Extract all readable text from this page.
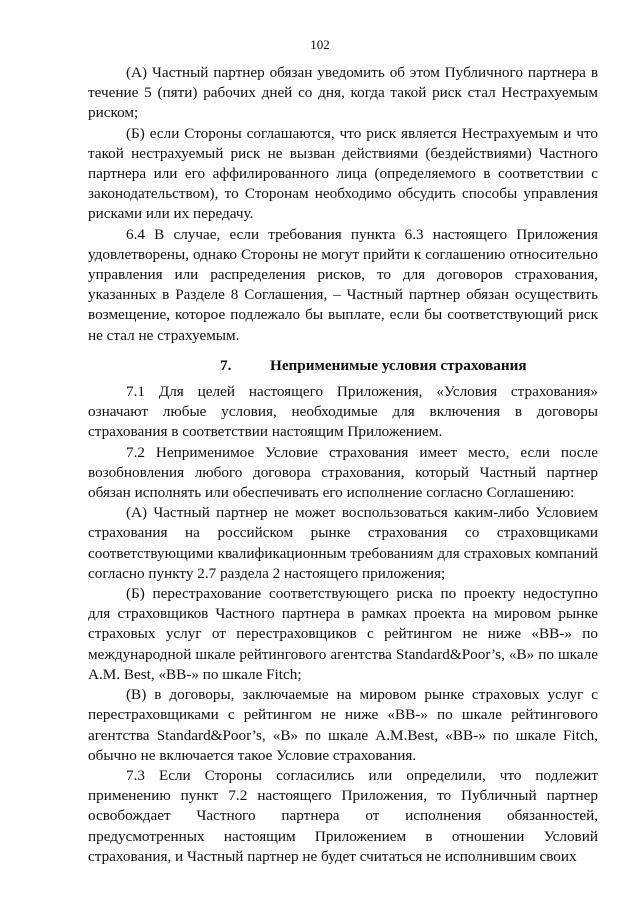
102

(А) Частный партнер обязан уведомить об этом Публичного партнера в течение 5 (пяти) рабочих дней со дня, когда такой риск стал Нестрахуемым риском;

(Б) если Стороны соглашаются, что риск является Нестрахуемым и что такой нестрахуемый риск не вызван действиями (бездействиями) Частного партнера или его аффилированного лица (определяемого в соответствии с законодательством), то Сторонам необходимо обсудить способы управления рисками или их передачу.

6.4 В случае, если требования пункта 6.3 настоящего Приложения удовлетворены, однако Стороны не могут прийти к соглашению относительно управления или распределения рисков, то для договоров страхования, указанных в Разделе 8 Соглашения, – Частный партнер обязан осуществить возмещение, которое подлежало бы выплате, если бы соответствующий риск не стал не страхуемым.

7.	Неприменимые условия страхования

7.1 Для целей настоящего Приложения, «Условия страхования» означают любые условия, необходимые для включения в договоры страхования в соответствии настоящим Приложением.

7.2 Неприменимое Условие страхования имеет место, если после возобновления любого договора страхования, который Частный партнер обязан исполнять или обеспечивать его исполнение согласно Соглашению:

(А) Частный партнер не может воспользоваться каким-либо Условием страхования на российском рынке страхования со страховщиками соответствующими квалификационным требованиям для страховых компаний согласно пункту 2.7 раздела 2 настоящего приложения;

(Б) перестрахование соответствующего риска по проекту недоступно для страховщиков Частного партнера в рамках проекта на мировом рынке страховых услуг от перестраховщиков с рейтингом не ниже «ВВ-» по международной шкале рейтингового агентства Standard&Poor’s, «В» по шкале A.M. Best, «ВВ-» по шкале Fitch;

(В) в договоры, заключаемые на мировом рынке страховых услуг с перестраховщиками с рейтингом не ниже «ВВ-» по шкале рейтингового агентства Standard&Poor’s, «В» по шкале A.M.Best, «ВВ-» по шкале Fitch, обычно не включается такое Условие страхования.

7.3 Если Стороны согласились или определили, что подлежит применению пункт 7.2 настоящего Приложения, то Публичный партнер освобождает Частного партнера от исполнения обязанностей, предусмотренных настоящим Приложением в отношении Условий страхования, и Частный партнер не будет считаться не исполнившим своих
